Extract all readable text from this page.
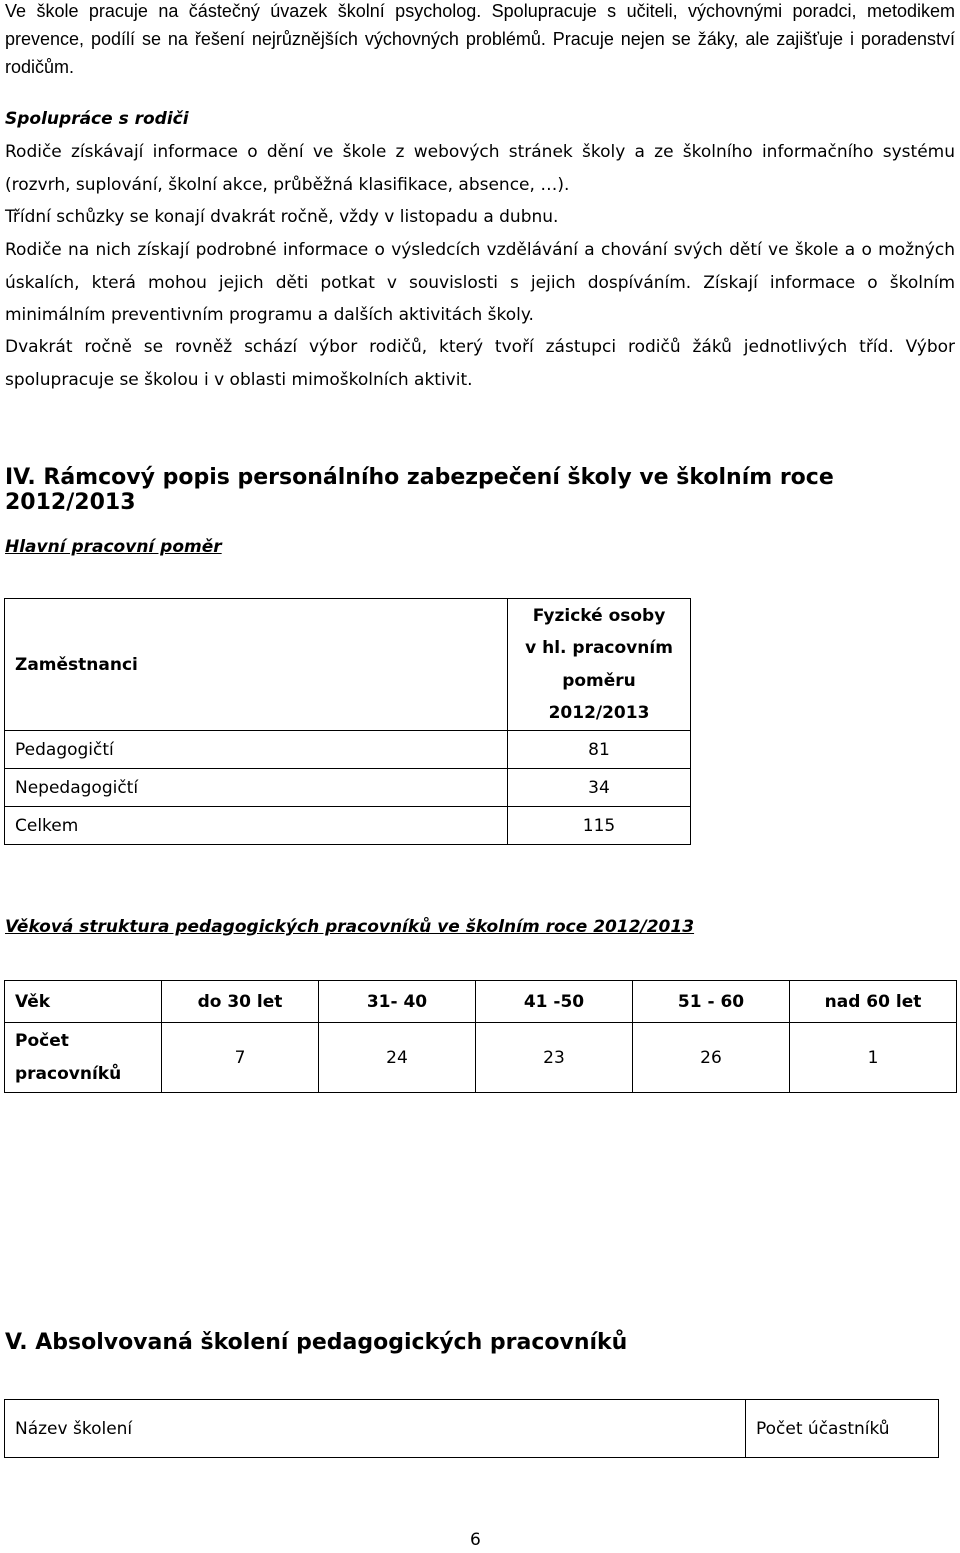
Ve škole pracuje na částečný úvazek školní psycholog. Spolupracuje s učiteli, výchovnými poradci, metodikem prevence, podílí se na řešení nejrůznějších výchovných problémů. Pracuje nejen se žáky, ale zajišťuje i poradenství rodičům.

Spolupráce s rodiči

Rodiče získávají informace o dění ve škole z webových stránek školy a ze školního informačního systému (rozvrh, suplování, školní akce, průběžná klasifikace, absence, …).

Třídní schůzky se konají dvakrát ročně, vždy v listopadu a dubnu.

Rodiče na nich získají podrobné informace o výsledcích vzdělávání a chování svých dětí ve škole a o možných úskalích, která mohou jejich děti potkat v souvislosti s jejich dospíváním. Získají informace o školním minimálním preventivním programu a dalších aktivitách školy.

Dvakrát ročně se rovněž schází výbor rodičů, který tvoří zástupci rodičů žáků jednotlivých tříd. Výbor spolupracuje se školou i v oblasti mimoškolních aktivit.

IV. Rámcový popis personálního zabezpečení školy ve školním roce 2012/2013

Hlavní pracovní poměr

Zaměstnanci	Fyzické osoby
v hl. pracovním
poměru
2012/2013

Pedagogičtí	81
Nepedagogičtí	34
Celkem	115

Věková struktura pedagogických pracovníků ve školním roce 2012/2013

Věk	do 30 let	31- 40	41 -50	51 - 60	nad 60 let

Počet
pracovníků	7	24	23	26	1
V. Absolvovaná školení pedagogických pracovníků
Název školení	Počet účastníků
6
